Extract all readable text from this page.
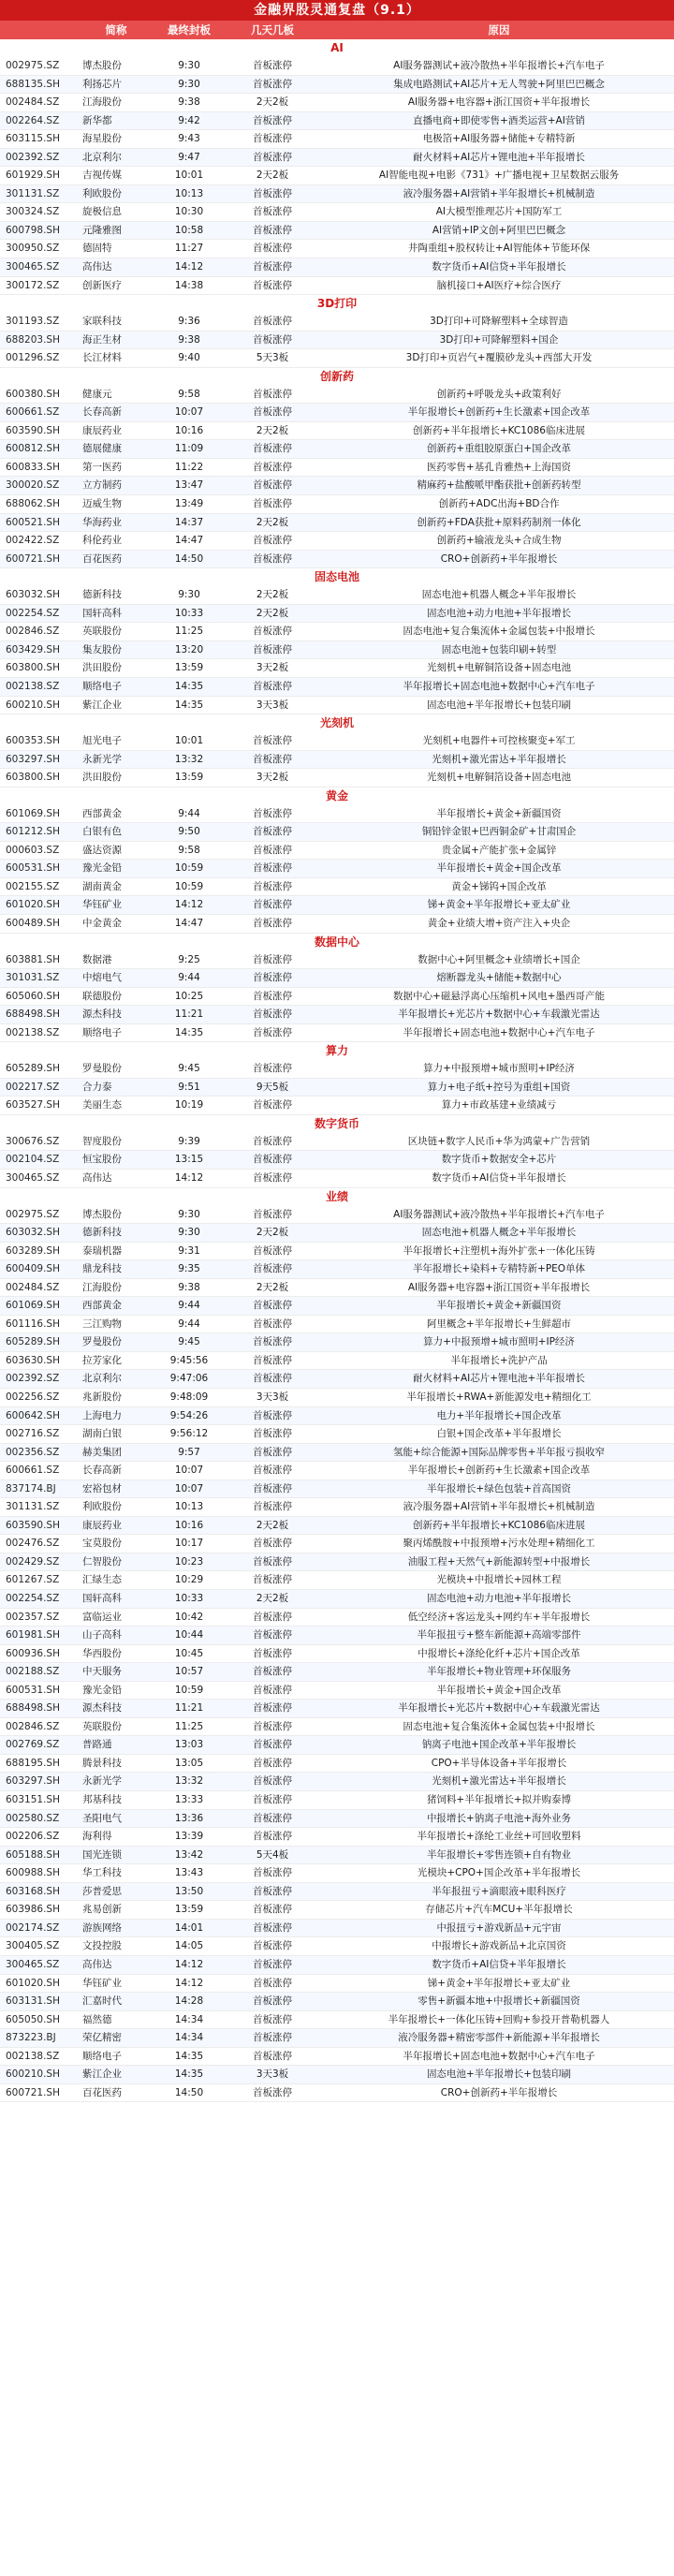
金融界股灵通复盘（9.1）
简称	最终封板	几天几板	原因
AI
002975.SZ	博杰股份	9:30	首板涨停	AI服务器测试+液冷散热+半年报增长+汽车电子
688135.SH	利扬芯片	9:30	首板涨停	集成电路测试+AI芯片+无人驾驶+阿里巴巴概念
002484.SZ	江海股份	9:38	2天2板	AI服务器+电容器+浙江国资+半年报增长
002264.SZ	新华都	9:42	首板涨停	直播电商+即使零售+酒类运营+AI营销
603115.SH	海星股份	9:43	首板涨停	电极箔+AI服务器+储能+专精特新
002392.SZ	北京利尔	9:47	首板涨停	耐火材料+AI芯片+锂电池+半年报增长
601929.SH	吉视传媒	10:01	2天2板	AI智能电视+电影《731》+广播电视+卫星数据云服务
301131.SZ	利欧股份	10:13	首板涨停	液冷服务器+AI营销+半年报增长+机械制造
300324.SZ	旋极信息	10:30	首板涨停	AI大模型推理芯片+国防军工
600798.SH	元隆雅图	10:58	首板涨停	AI营销+IP文创+阿里巴巴概念
300950.SZ	德固特	11:27	首板涨停	井陶重组+股权转让+AI智能体+节能环保
300465.SZ	高伟达	14:12	首板涨停	数字货币+AI信贷+半年报增长
300172.SZ	创新医疗	14:38	首板涨停	脑机接口+AI医疗+综合医疗
3D打印
301193.SZ	家联科技	9:36	首板涨停	3D打印+可降解塑料+全球智造
688203.SH	海正生材	9:38	首板涨停	3D打印+可降解塑料+国企
001296.SZ	长江材料	9:40	5天3板	3D打印+页岩气+覆膜砂龙头+西部大开发
创新药
600380.SH	健康元	9:58	首板涨停	创新药+呼吸龙头+政策利好
600661.SZ	长春高新	10:07	首板涨停	半年报增长+创新药+生长激素+国企改革
603590.SH	康辰药业	10:16	2天2板	创新药+半年报增长+KC1086临床进展
600812.SH	德展健康	11:09	首板涨停	创新药+重组胶原蛋白+国企改革
600833.SH	第一医药	11:22	首板涨停	医药零售+基孔肯雅热+上海国资
300020.SZ	立方制药	13:47	首板涨停	精麻药+盐酸哌甲酯获批+创新药转型
688062.SH	迈威生物	13:49	首板涨停	创新药+ADC出海+BD合作
600521.SH	华海药业	14:37	2天2板	创新药+FDA获批+原料药制剂一体化
002422.SZ	科伦药业	14:47	首板涨停	创新药+输液龙头+合成生物
600721.SH	百花医药	14:50	首板涨停	CRO+创新药+半年报增长
固态电池
603032.SH	德新科技	9:30	2天2板	固态电池+机器人概念+半年报增长
002254.SZ	国轩高科	10:33	2天2板	固态电池+动力电池+半年报增长
002846.SZ	英联股份	11:25	首板涨停	固态电池+复合集流体+金属包装+中报增长
603429.SH	集友股份	13:20	首板涨停	固态电池+包装印刷+转型
603800.SH	洪田股份	13:59	3天2板	光刻机+电解铜箔设备+固态电池
002138.SZ	顺络电子	14:35	首板涨停	半年报增长+固态电池+数据中心+汽车电子
600210.SH	紫江企业	14:35	3天3板	固态电池+半年报增长+包装印刷
光刻机
600353.SH	旭光电子	10:01	首板涨停	光刻机+电器件+可控核聚变+军工
603297.SH	永新光学	13:32	首板涨停	光刻机+激光雷达+半年报增长
603800.SH	洪田股份	13:59	3天2板	光刻机+电解铜箔设备+固态电池
黄金
601069.SH	西部黄金	9:44	首板涨停	半年报增长+黄金+新疆国资
601212.SH	白银有色	9:50	首板涨停	铜铅锌金银+巴西铜金矿+甘肃国企
000603.SZ	盛达资源	9:58	首板涨停	贵金属+产能扩张+金属锌
600531.SH	豫光金铅	10:59	首板涨停	半年报增长+黄金+国企改革
002155.SZ	湖南黄金	10:59	首板涨停	黄金+锑钨+国企改革
601020.SH	华钰矿业	14:12	首板涨停	锑+黄金+半年报增长+亚太矿业
600489.SH	中金黄金	14:47	首板涨停	黄金+业绩大增+资产注入+央企
数据中心
603881.SH	数据港	9:25	首板涨停	数据中心+阿里概念+业绩增长+国企
301031.SZ	中熔电气	9:44	首板涨停	熔断器龙头+储能+数据中心
605060.SH	联德股份	10:25	首板涨停	数据中心+磁悬浮离心压缩机+风电+墨西哥产能
688498.SH	源杰科技	11:21	首板涨停	半年报增长+光芯片+数据中心+车载激光雷达
002138.SZ	顺络电子	14:35	首板涨停	半年报增长+固态电池+数据中心+汽车电子
算力
605289.SH	罗曼股份	9:45	首板涨停	算力+中报预增+城市照明+IP经济
002217.SZ	合力泰	9:51	9天5板	算力+电子纸+控号为重组+国资
603527.SH	美丽生态	10:19	首板涨停	算力+市政基建+业绩减亏
数字货币
300676.SZ	智度股份	9:39	首板涨停	区块链+数字人民币+华为鸿蒙+广告营销
002104.SZ	恒宝股份	13:15	首板涨停	数字货币+数据安全+芯片
300465.SZ	高伟达	14:12	首板涨停	数字货币+AI信贷+半年报增长
业绩
002975.SZ	博杰股份	9:30	首板涨停	AI服务器测试+液冷散热+半年报增长+汽车电子
603032.SH	德新科技	9:30	2天2板	固态电池+机器人概念+半年报增长
603289.SH	泰瑞机器	9:31	首板涨停	半年报增长+注塑机+海外扩张+一体化压铸
600409.SH	鼎龙科技	9:35	首板涨停	半年报增长+染料+专精特新+PEO单体
002484.SZ	江海股份	9:38	2天2板	AI服务器+电容器+浙江国资+半年报增长
601069.SH	西部黄金	9:44	首板涨停	半年报增长+黄金+新疆国资
601116.SH	三江购物	9:44	首板涨停	阿里概念+半年报增长+生鲜超市
605289.SH	罗曼股份	9:45	首板涨停	算力+中报预增+城市照明+IP经济
603630.SH	拉芳家化	9:45:56	首板涨停	半年报增长+洗护产品
002392.SZ	北京利尔	9:47:06	首板涨停	耐火材料+AI芯片+锂电池+半年报增长
002256.SZ	兆新股份	9:48:09	3天3板	半年报增长+RWA+新能源发电+精细化工
600642.SH	上海电力	9:54:26	首板涨停	电力+半年报增长+国企改革
002716.SZ	湖南白银	9:56:12	首板涨停	白银+国企改革+半年报增长
002356.SZ	赫美集团	9:57	首板涨停	氢能+综合能源+国际品牌零售+半年报亏损收窄
600661.SZ	长春高新	10:07	首板涨停	半年报增长+创新药+生长激素+国企改革
837174.BJ	宏裕包材	10:07	首板涨停	半年报增长+绿色包装+首高国资
301131.SZ	利欧股份	10:13	首板涨停	液冷服务器+AI营销+半年报增长+机械制造
603590.SH	康辰药业	10:16	2天2板	创新药+半年报增长+KC1086临床进展
002476.SZ	宝莫股份	10:17	首板涨停	聚丙烯酰胺+中报预增+污水处理+精细化工
002429.SZ	仁智股份	10:23	首板涨停	油服工程+天然气+新能源转型+中报增长
601267.SZ	汇绿生态	10:29	首板涨停	光模块+中报增长+园林工程
002254.SZ	国轩高科	10:33	2天2板	固态电池+动力电池+半年报增长
002357.SZ	富临运业	10:42	首板涨停	低空经济+客运龙头+网约车+半年报增长
601981.SH	山子高科	10:44	首板涨停	半年报扭亏+整车新能源+高端零部件
600936.SH	华西股份	10:45	首板涨停	中报增长+涤纶化纤+芯片+国企改革
002188.SZ	中天服务	10:57	首板涨停	半年报增长+物业管理+环保服务
600531.SH	豫光金铅	10:59	首板涨停	半年报增长+黄金+国企改革
688498.SH	源杰科技	11:21	首板涨停	半年报增长+光芯片+数据中心+车载激光雷达
002846.SZ	英联股份	11:25	首板涨停	固态电池+复合集流体+金属包装+中报增长
002769.SZ	普路通	13:03	首板涨停	钠离子电池+国企改革+半年报增长
688195.SH	腾景科技	13:05	首板涨停	CPO+半导体设备+半年报增长
603297.SH	永新光学	13:32	首板涨停	光刻机+激光雷达+半年报增长
603151.SH	邦基科技	13:33	首板涨停	猪饲料+半年报增长+拟并购泰博
002580.SZ	圣阳电气	13:36	首板涨停	中报增长+钠离子电池+海外业务
002206.SZ	海利得	13:39	首板涨停	半年报增长+涤纶工业丝+可回收塑料
605188.SH	国光连锁	13:42	5天4板	半年报增长+零售连锁+自有物业
600988.SH	华工科技	13:43	首板涨停	光模块+CPO+国企改革+半年报增长
603168.SH	莎普爱思	13:50	首板涨停	半年报扭亏+滴眼液+眼科医疗
603986.SH	兆易创新	13:59	首板涨停	存储芯片+汽车MCU+半年报增长
002174.SZ	游族网络	14:01	首板涨停	中报扭亏+游戏新品+元宇宙
300405.SZ	文投控股	14:05	首板涨停	中报增长+游戏新品+北京国资
300465.SZ	高伟达	14:12	首板涨停	数字货币+AI信贷+半年报增长
601020.SH	华钰矿业	14:12	首板涨停	锑+黄金+半年报增长+亚太矿业
603131.SH	汇嘉时代	14:28	首板涨停	零售+新疆本地+中报增长+新疆国资
605050.SH	福然德	14:34	首板涨停	半年报增长+一体化压铸+回购+参投开普勒机器人
873223.BJ	荣亿精密	14:34	首板涨停	液冷服务器+精密零部件+新能源+半年报增长
002138.SZ	顺络电子	14:35	首板涨停	半年报增长+固态电池+数据中心+汽车电子
600210.SH	紫江企业	14:35	3天3板	固态电池+半年报增长+包装印刷
600721.SH	百花医药	14:50	首板涨停	CRO+创新药+半年报增长
